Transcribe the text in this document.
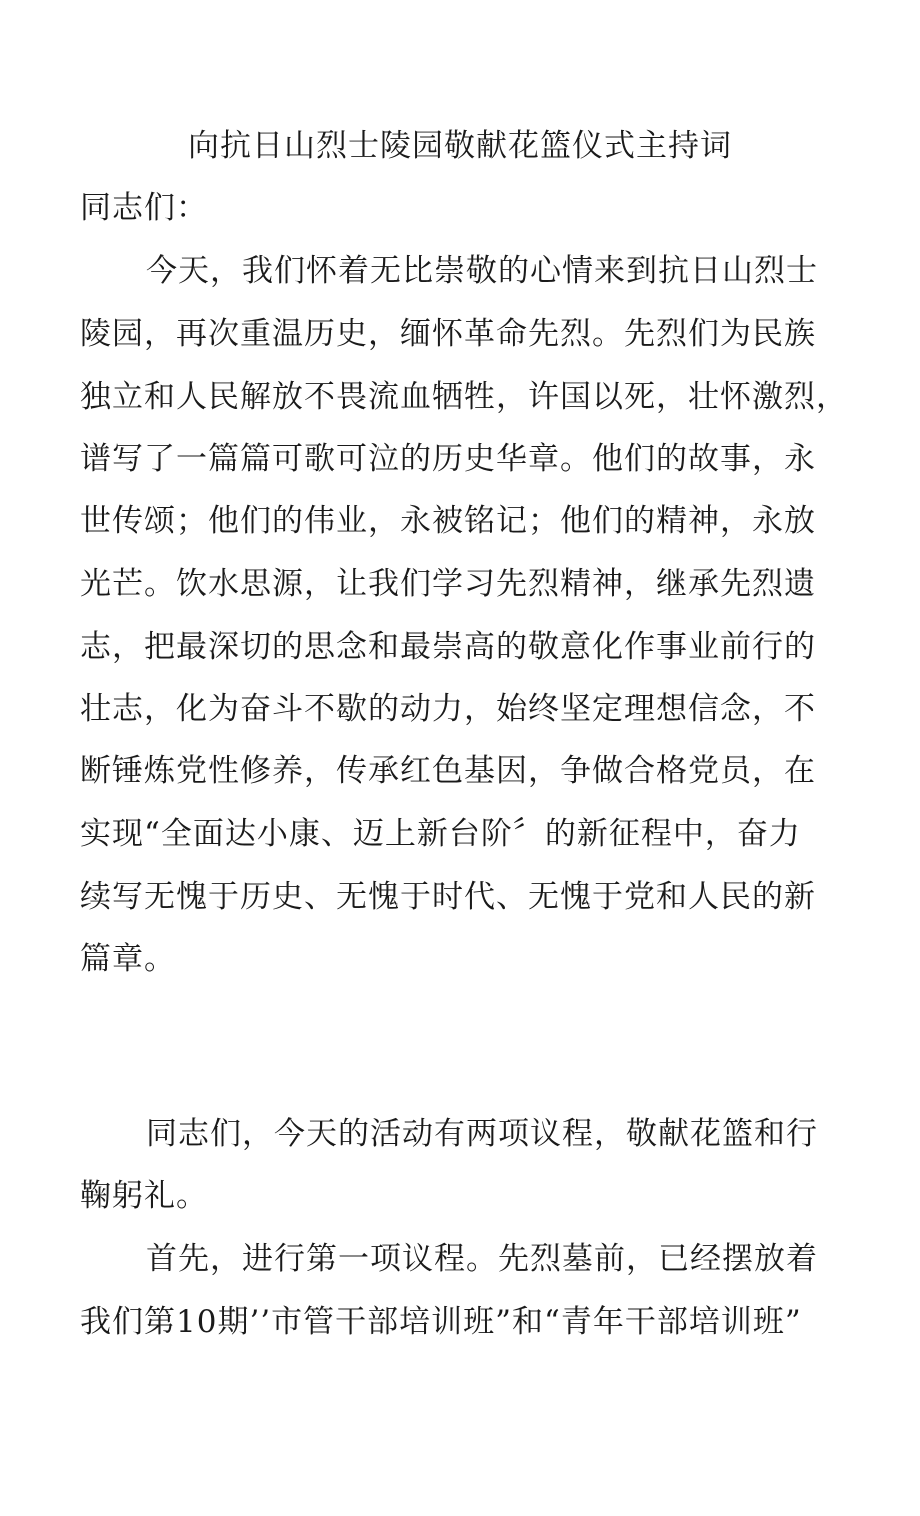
向抗日山烈士陵园敬献花篮仪式主持词
同志们：
今天，我们怀着无比崇敬的心情来到抗日山烈士
陵园，再次重温历史，缅怀革命先烈。先烈们为民族
独立和人民解放不畏流血牺牲，许国以死，壮怀激烈，
谱写了一篇篇可歌可泣的历史华章。他们的故事，永
世传颂；他们的伟业，永被铭记；他们的精神，永放
光芒。饮水思源，让我们学习先烈精神，继承先烈遗
志，把最深切的思念和最崇高的敬意化作事业前行的
壮志，化为奋斗不歇的动力，始终坚定理想信念，不
断锤炼党性修养，传承红色基因，争做合格党员，在
实现“全面达小康、迈上新台阶〞的新征程中，奋力
续写无愧于历史、无愧于时代、无愧于党和人民的新
篇章。
同志们，今天的活动有两项议程，敬献花篮和行
鞠躬礼。
首先，进行第一项议程。先烈墓前，已经摆放着
我们第10期’’市管干部培训班”和“青年干部培训班”
